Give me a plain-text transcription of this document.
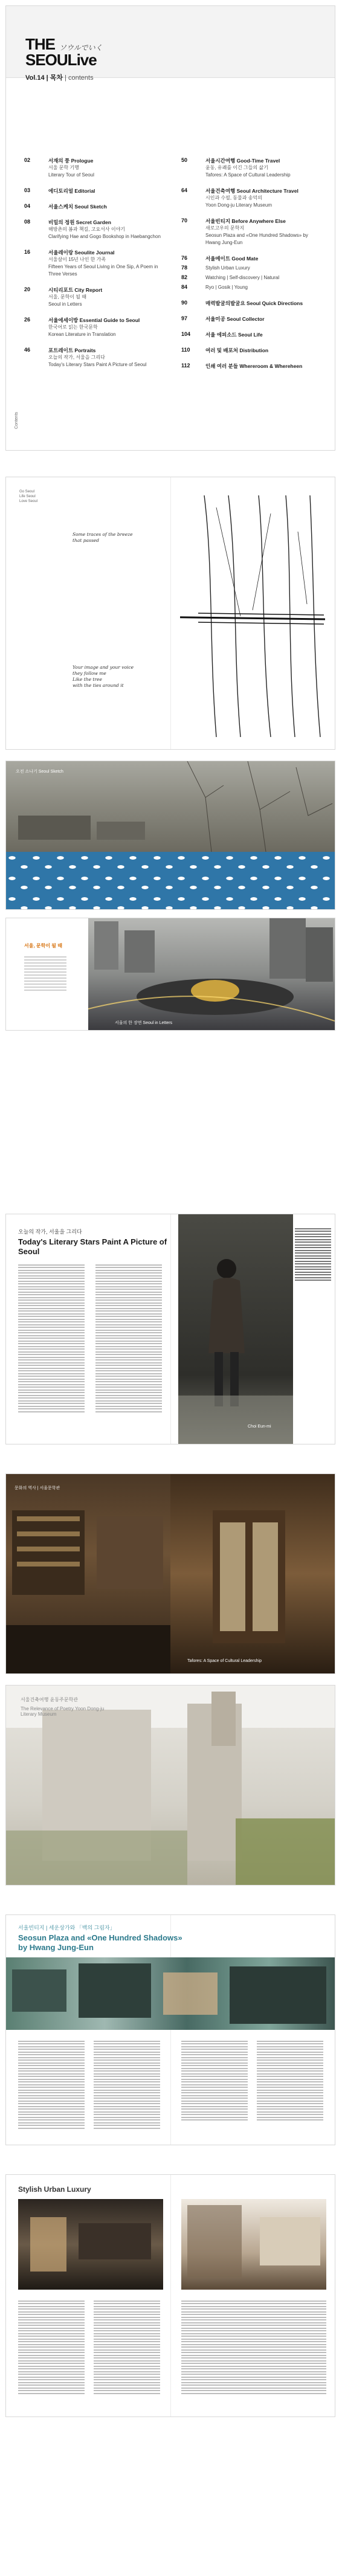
THE ソウルでいく
SEOULive
Vol.14 | 목차 | contents
Contents
02	서재의 풍 Prologue
서울 문학 기행
Literary Tour of Seoul
03	에디토리얼 Editorial
04	서울스케치 Seoul Sketch
08	비밀의 정원 Secret Garden
해방촌의 봄과 책길, 고요서사 이야기
Clarifying Hae and Gogo Bookshop in Haebangchon
16	서울레이랑 Seoulite Journal
서울살이 15년 나인 한 가족
Fifteen Years of Seoul Living in One Sip, A Poem in Three Verses
20	시티리포트 City Report
서울, 문학이 될 때
Seoul in Letters
26	서울에세이방 Essential Guide to Seoul
한국어로 읽는 한국문학
Korean Literature in Translation
46	포트레이트 Portraits
오늘의 작가, 서울을 그리다
Today's Literary Stars Paint A Picture of Seoul
50	서울시간여행 Good-Time Travel
윤동, 유쾌를 이긴 그들의 삶기
Tafores: A Space of Cultural Leadership
64	서울건축여행 Seoul Architecture Travel
시인과 수필, 동물과 송덕의
Yoon Dong-ju Literary Museum
70	서울빈티지 Before Anywhere Else
새로고우의 문학지
Seosun Plaza and «One Hundred Shadows» by Hwang Jung-Eun
76	서울메이트 Good Mate
78	Stylish Urban Luxury
82	Watching | Self-discovery | Natural
84	Ryo | Gosik | Young
90	매력발굴의발굴요 Seoul Quick Directions
97	서울미공 Seoul Collector
104	서울 에피소드 Seoul Life
110	여러 및 배포처 Distribution
112	인쇄 여러 분들 Whereroom & Whereheen
Go Seoul
Life Seoul
Love Seoul
Some traces of the breeze
that passed
Your image and your voice
they follow me
Like the tree
with the ties around it
오전 소나기 Seoul Sketch
서울, 문학이 될 때
서울의 한 장면 Seoul in Letters
오늘의 작가, 서울을 그리다
Today's Literary Stars Paint A Picture of Seoul
Choi Eun-mi
문화의 역사 | 서울문학관
Tafores: A Space of Cultural Leadership
서울건축여행 윤동주문학관
The Relevance of Poetry Yoon Dong-ju Literary Museum
서울빈티지 | 세운상가와 「백의 그림자」
Seosun Plaza and «One Hundred Shadows»
by Hwang Jung-Eun
Stylish Urban Luxury
